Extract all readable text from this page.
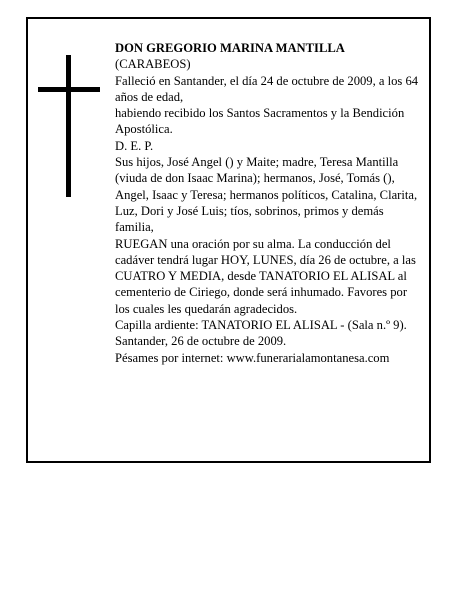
DON GREGORIO MARINA MANTILLA

(CARABEOS)

Falleció en Santander, el día 24 de octubre de 2009, a los 64 años de edad,

habiendo recibido los Santos Sacramentos y la Bendición Apostólica.

D. E. P.

Sus hijos, José Angel () y Maite; madre, Teresa Mantilla (viuda de don Isaac Marina); hermanos, José, Tomás (), Angel, Isaac y Teresa; hermanos políticos, Catalina, Clarita, Luz, Dori y José Luis; tíos, sobrinos, primos y demás familia,

RUEGAN una oración por su alma. La conducción del cadáver tendrá lugar HOY, LUNES, día 26 de octubre, a las CUATRO Y MEDIA, desde TANATORIO EL ALISAL al cementerio de Ciriego, donde será inhumado. Favores por los cuales les quedarán agradecidos.

Capilla ardiente: TANATORIO EL ALISAL - (Sala n.º 9).

Santander, 26 de octubre de 2009.

Pésames por internet: www.funerarialamontanesa.com
